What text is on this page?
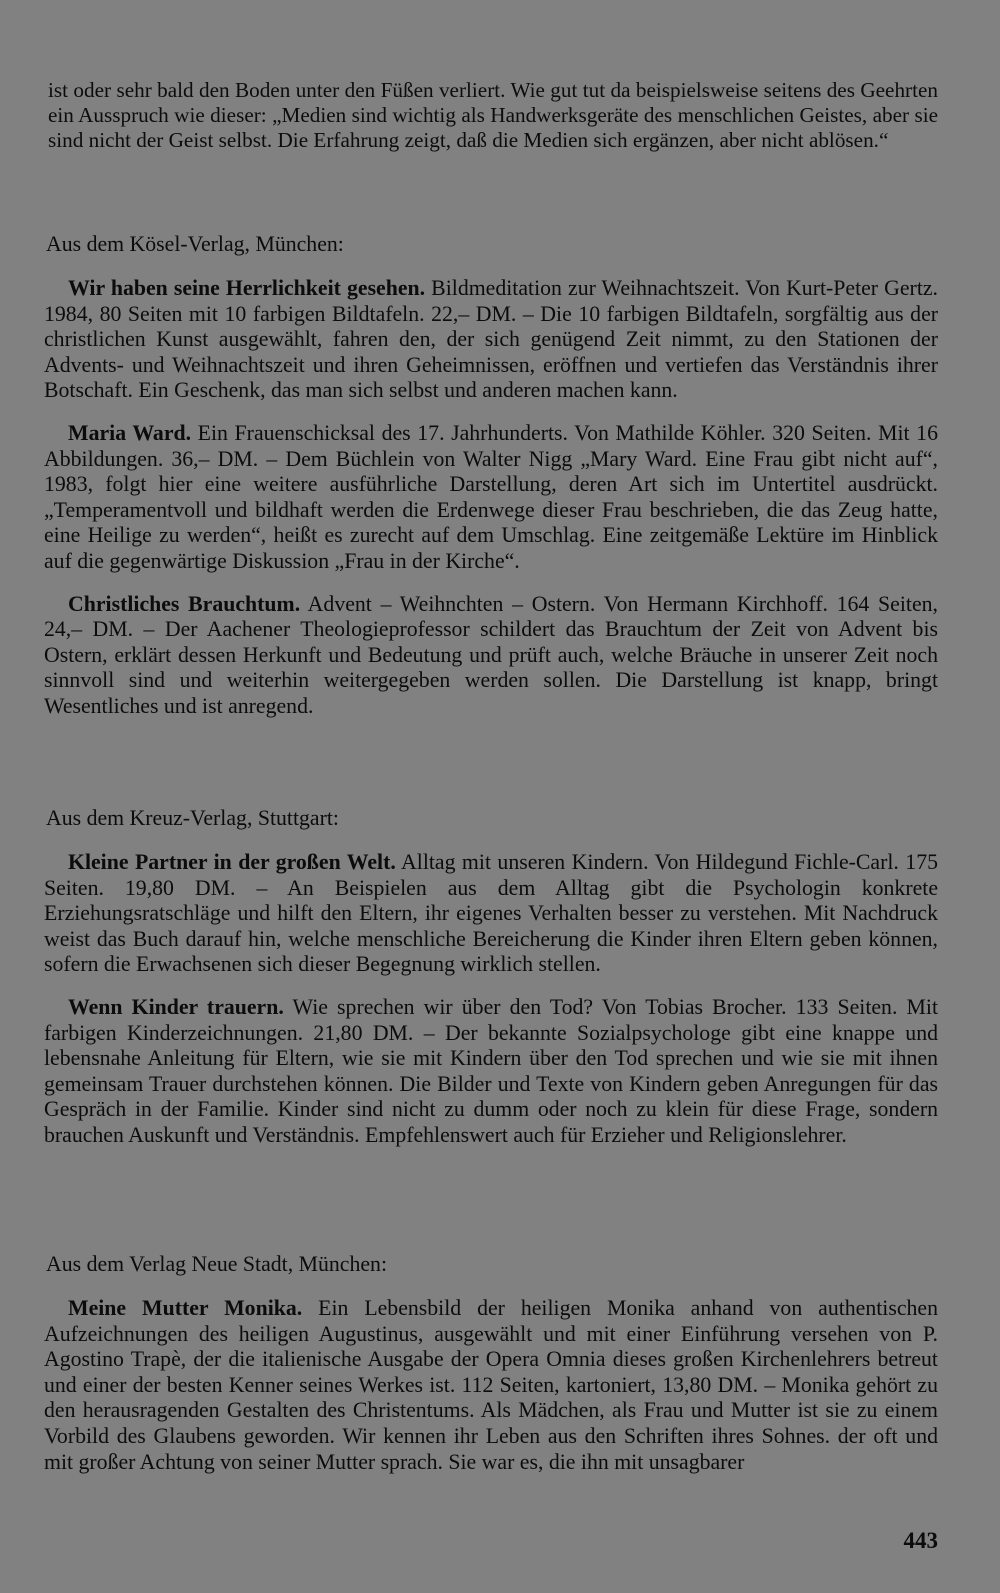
ist oder sehr bald den Boden unter den Füßen verliert. Wie gut tut da beispielsweise seitens des Geehrten ein Ausspruch wie dieser: „Medien sind wichtig als Handwerksgeräte des menschlichen Geistes, aber sie sind nicht der Geist selbst. Die Erfahrung zeigt, daß die Medien sich ergänzen, aber nicht ablösen.“
Aus dem Kösel-Verlag, München:

Wir haben seine Herrlichkeit gesehen. Bildmeditation zur Weihnachtszeit. Von Kurt-Peter Gertz. 1984, 80 Seiten mit 10 farbigen Bildtafeln. 22,– DM. – Die 10 farbigen Bildtafeln, sorgfältig aus der christlichen Kunst ausgewählt, fahren den, der sich genügend Zeit nimmt, zu den Stationen der Advents- und Weihnachtszeit und ihren Geheimnissen, eröffnen und vertiefen das Verständnis ihrer Botschaft. Ein Geschenk, das man sich selbst und anderen machen kann.

Maria Ward. Ein Frauenschicksal des 17. Jahrhunderts. Von Mathilde Köhler. 320 Seiten. Mit 16 Abbildungen. 36,– DM. – Dem Büchlein von Walter Nigg „Mary Ward. Eine Frau gibt nicht auf“, 1983, folgt hier eine weitere ausführliche Darstellung, deren Art sich im Untertitel ausdrückt. „Temperamentvoll und bildhaft werden die Erdenwege dieser Frau beschrieben, die das Zeug hatte, eine Heilige zu werden“, heißt es zurecht auf dem Umschlag. Eine zeitgemäße Lektüre im Hinblick auf die gegenwärtige Diskussion „Frau in der Kirche“.

Christliches Brauchtum. Advent – Weihnchten – Ostern. Von Hermann Kirchhoff. 164 Seiten, 24,– DM. – Der Aachener Theologieprofessor schildert das Brauchtum der Zeit von Advent bis Ostern, erklärt dessen Herkunft und Bedeutung und prüft auch, welche Bräuche in unserer Zeit noch sinnvoll sind und weiterhin weitergegeben werden sollen. Die Darstellung ist knapp, bringt Wesentliches und ist anregend.

Aus dem Kreuz-Verlag, Stuttgart:

Kleine Partner in der großen Welt. Alltag mit unseren Kindern. Von Hildegund Fichle-Carl. 175 Seiten. 19,80 DM. – An Beispielen aus dem Alltag gibt die Psychologin konkrete Erziehungsratschläge und hilft den Eltern, ihr eigenes Verhalten besser zu verstehen. Mit Nachdruck weist das Buch darauf hin, welche menschliche Bereicherung die Kinder ihren Eltern geben können, sofern die Erwachsenen sich dieser Begegnung wirklich stellen.

Wenn Kinder trauern. Wie sprechen wir über den Tod? Von Tobias Brocher. 133 Seiten. Mit farbigen Kinderzeichnungen. 21,80 DM. – Der bekannte Sozialpsychologe gibt eine knappe und lebensnahe Anleitung für Eltern, wie sie mit Kindern über den Tod sprechen und wie sie mit ihnen gemeinsam Trauer durchstehen können. Die Bilder und Texte von Kindern geben Anregungen für das Gespräch in der Familie. Kinder sind nicht zu dumm oder noch zu klein für diese Frage, sondern brauchen Auskunft und Verständnis. Empfehlenswert auch für Erzieher und Religionslehrer.

Aus dem Verlag Neue Stadt, München:

Meine Mutter Monika. Ein Lebensbild der heiligen Monika anhand von authentischen Aufzeichnungen des heiligen Augustinus, ausgewählt und mit einer Einführung versehen von P. Agostino Trapè, der die italienische Ausgabe der Opera Omnia dieses großen Kirchenlehrers betreut und einer der besten Kenner seines Werkes ist. 112 Seiten, kartoniert, 13,80 DM. – Monika gehört zu den herausragenden Gestalten des Christentums. Als Mädchen, als Frau und Mutter ist sie zu einem Vorbild des Glaubens geworden. Wir kennen ihr Leben aus den Schriften ihres Sohnes. der oft und mit großer Achtung von seiner Mutter sprach. Sie war es, die ihn mit unsagbarer

443
